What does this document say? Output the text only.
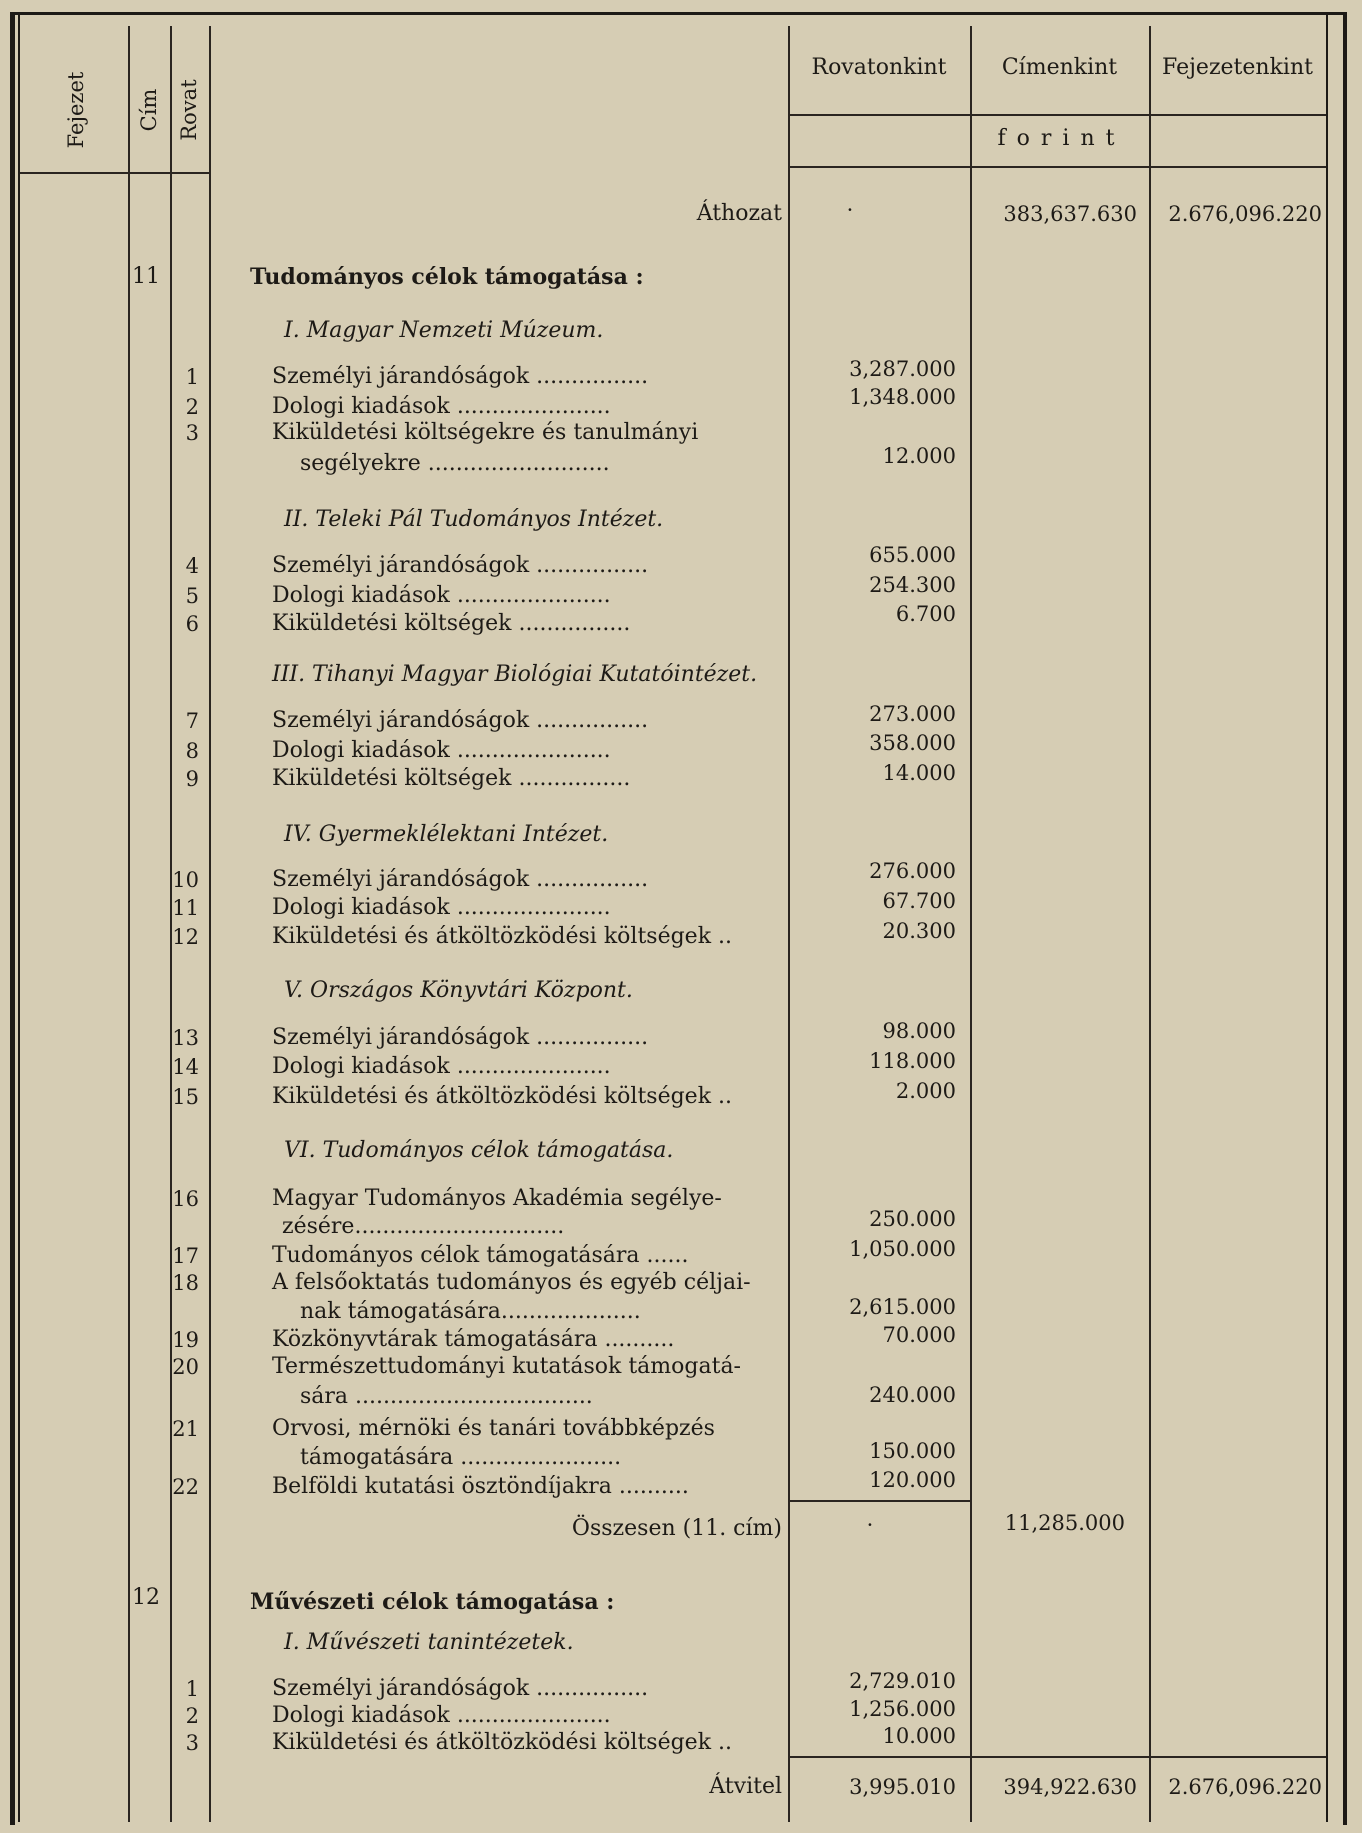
Fejezet Cím Rovat
Rovatonkint	Címenkint	Fejezetenkint
f o r i n t
Áthozat	·	383,637.630	2.676,096.220
11	Tudományos célok támogatása :
I. Magyar Nemzeti Múzeum.
1	Személyi járandóságok ................	3,287.000
2	Dologi kiadások ......................	1,348.000
3	Kiküldetési költségekre és tanulmányi
segélyekre ..........................	12.000
II. Teleki Pál Tudományos Intézet.
4	Személyi járandóságok ................	655.000
5	Dologi kiadások ......................	254.300
6	Kiküldetési költségek ................	6.700
III. Tihanyi Magyar Biológiai Kutatóintézet.
7	Személyi járandóságok ................	273.000
8	Dologi kiadások ......................	358.000
9	Kiküldetési költségek ................	14.000
IV. Gyermeklélektani Intézet.
10	Személyi járandóságok ................	276.000
11	Dologi kiadások ......................	67.700
12	Kiküldetési és átköltözködési költségek ..	20.300
V. Országos Könyvtári Központ.
13	Személyi járandóságok ................	98.000
14	Dologi kiadások ......................	118.000
15	Kiküldetési és átköltözködési költségek ..	2.000
VI. Tudományos célok támogatása.
16	Magyar Tudományos Akadémia segélye-
zésére..............................	250.000
17	Tudományos célok támogatására ......	1,050.000
18	A felsőoktatás tudományos és egyéb céljai-
nak támogatására....................	2,615.000
19	Közkönyvtárak támogatására ..........	70.000
20	Természettudományi kutatások támogatá-
sára ..................................	240.000
21	Orvosi, mérnöki és tanári továbbképzés
támogatására .......................	150.000
22	Belföldi kutatási ösztöndíjakra ..........	120.000
Összesen (11. cím)	·	11,285.000
12	Művészeti célok támogatása :
I. Művészeti tanintézetek.
1	Személyi járandóságok ................	2,729.010
2	Dologi kiadások ......................	1,256.000
3	Kiküldetési és átköltözködési költségek ..	10.000
Átvitel	3,995.010	394,922.630	2.676,096.220
